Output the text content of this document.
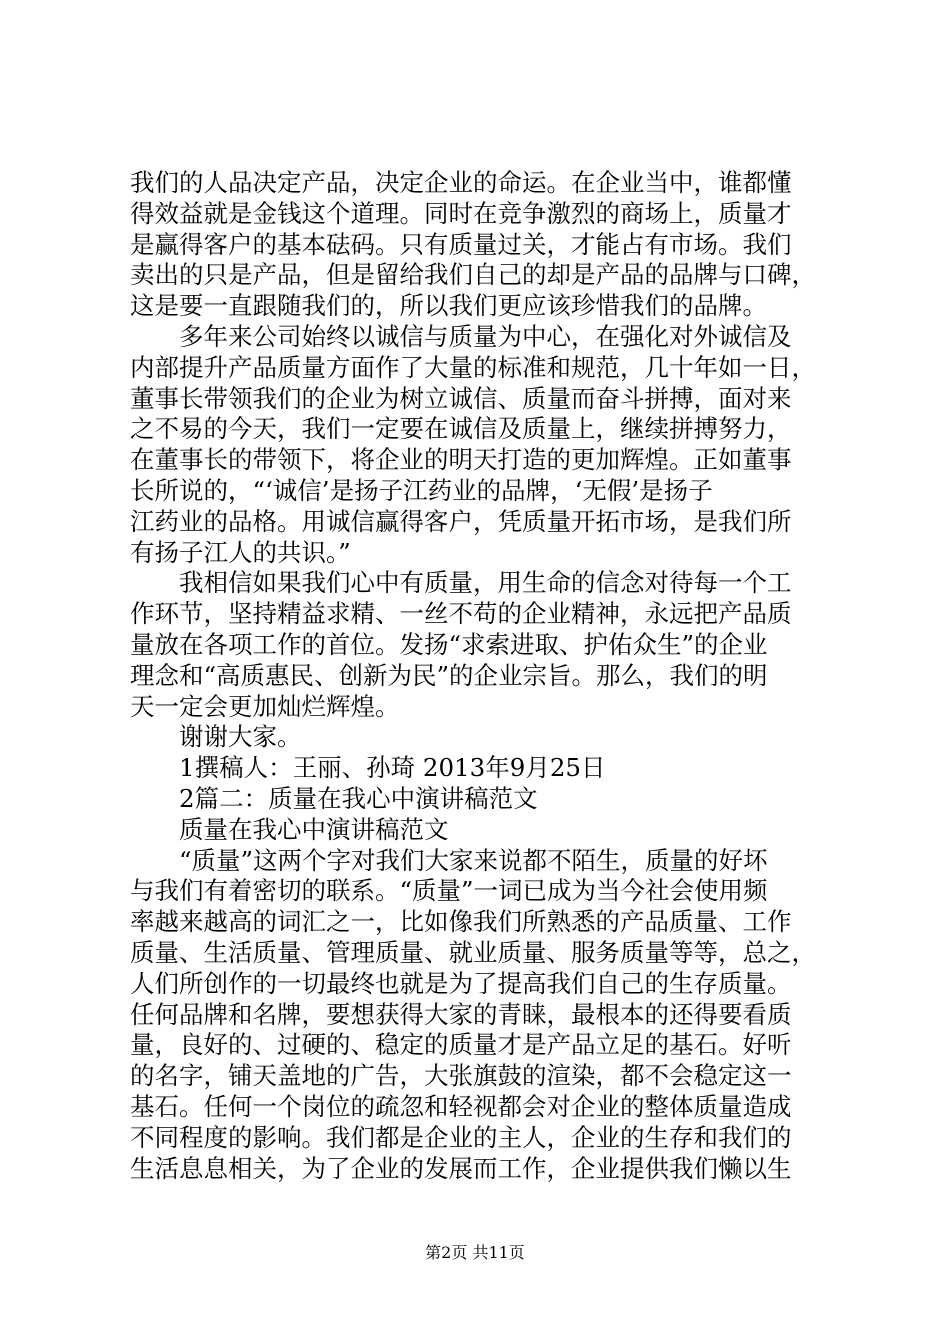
我们的人品决定产品，决定企业的命运。在企业当中，谁都懂
得效益就是金钱这个道理。同时在竞争激烈的商场上，质量才
是赢得客户的基本砝码。只有质量过关，才能占有市场。我们
卖出的只是产品，但是留给我们自己的却是产品的品牌与口碑，
这是要一直跟随我们的，所以我们更应该珍惜我们的品牌。
多年来公司始终以诚信与质量为中心，在强化对外诚信及
内部提升产品质量方面作了大量的标准和规范，几十年如一日，
董事长带领我们的企业为树立诚信、质量而奋斗拼搏，面对来
之不易的今天，我们一定要在诚信及质量上，继续拼搏努力，
在董事长的带领下，将企业的明天打造的更加辉煌。正如董事
长所说的，“‘诚信’是扬子江药业的品牌，‘无假’是扬子
江药业的品格。用诚信赢得客户，凭质量开拓市场，是我们所
有扬子江人的共识。”
我相信如果我们心中有质量，用生命的信念对待每一个工
作环节，坚持精益求精、一丝不苟的企业精神，永远把产品质
量放在各项工作的首位。发扬“求索进取、护佑众生”的企业
理念和“高质惠民、创新为民”的企业宗旨。那么，我们的明
天一定会更加灿烂辉煌。
谢谢大家。
1撰稿人：王丽、孙琦 2013年9月25日
2篇二：质量在我心中演讲稿范文
质量在我心中演讲稿范文
“质量”这两个字对我们大家来说都不陌生，质量的好坏
与我们有着密切的联系。“质量”一词已成为当今社会使用频
率越来越高的词汇之一，比如像我们所熟悉的产品质量、工作
质量、生活质量、管理质量、就业质量、服务质量等等，总之，
人们所创作的一切最终也就是为了提高我们自己的生存质量。
任何品牌和名牌，要想获得大家的青睐，最根本的还得要看质
量，良好的、过硬的、稳定的质量才是产品立足的基石。好听
的名字，铺天盖地的广告，大张旗鼓的渲染，都不会稳定这一
基石。任何一个岗位的疏忽和轻视都会对企业的整体质量造成
不同程度的影响。我们都是企业的主人，企业的生存和我们的
生活息息相关，为了企业的发展而工作，企业提供我们懒以生
第2页 共11页
